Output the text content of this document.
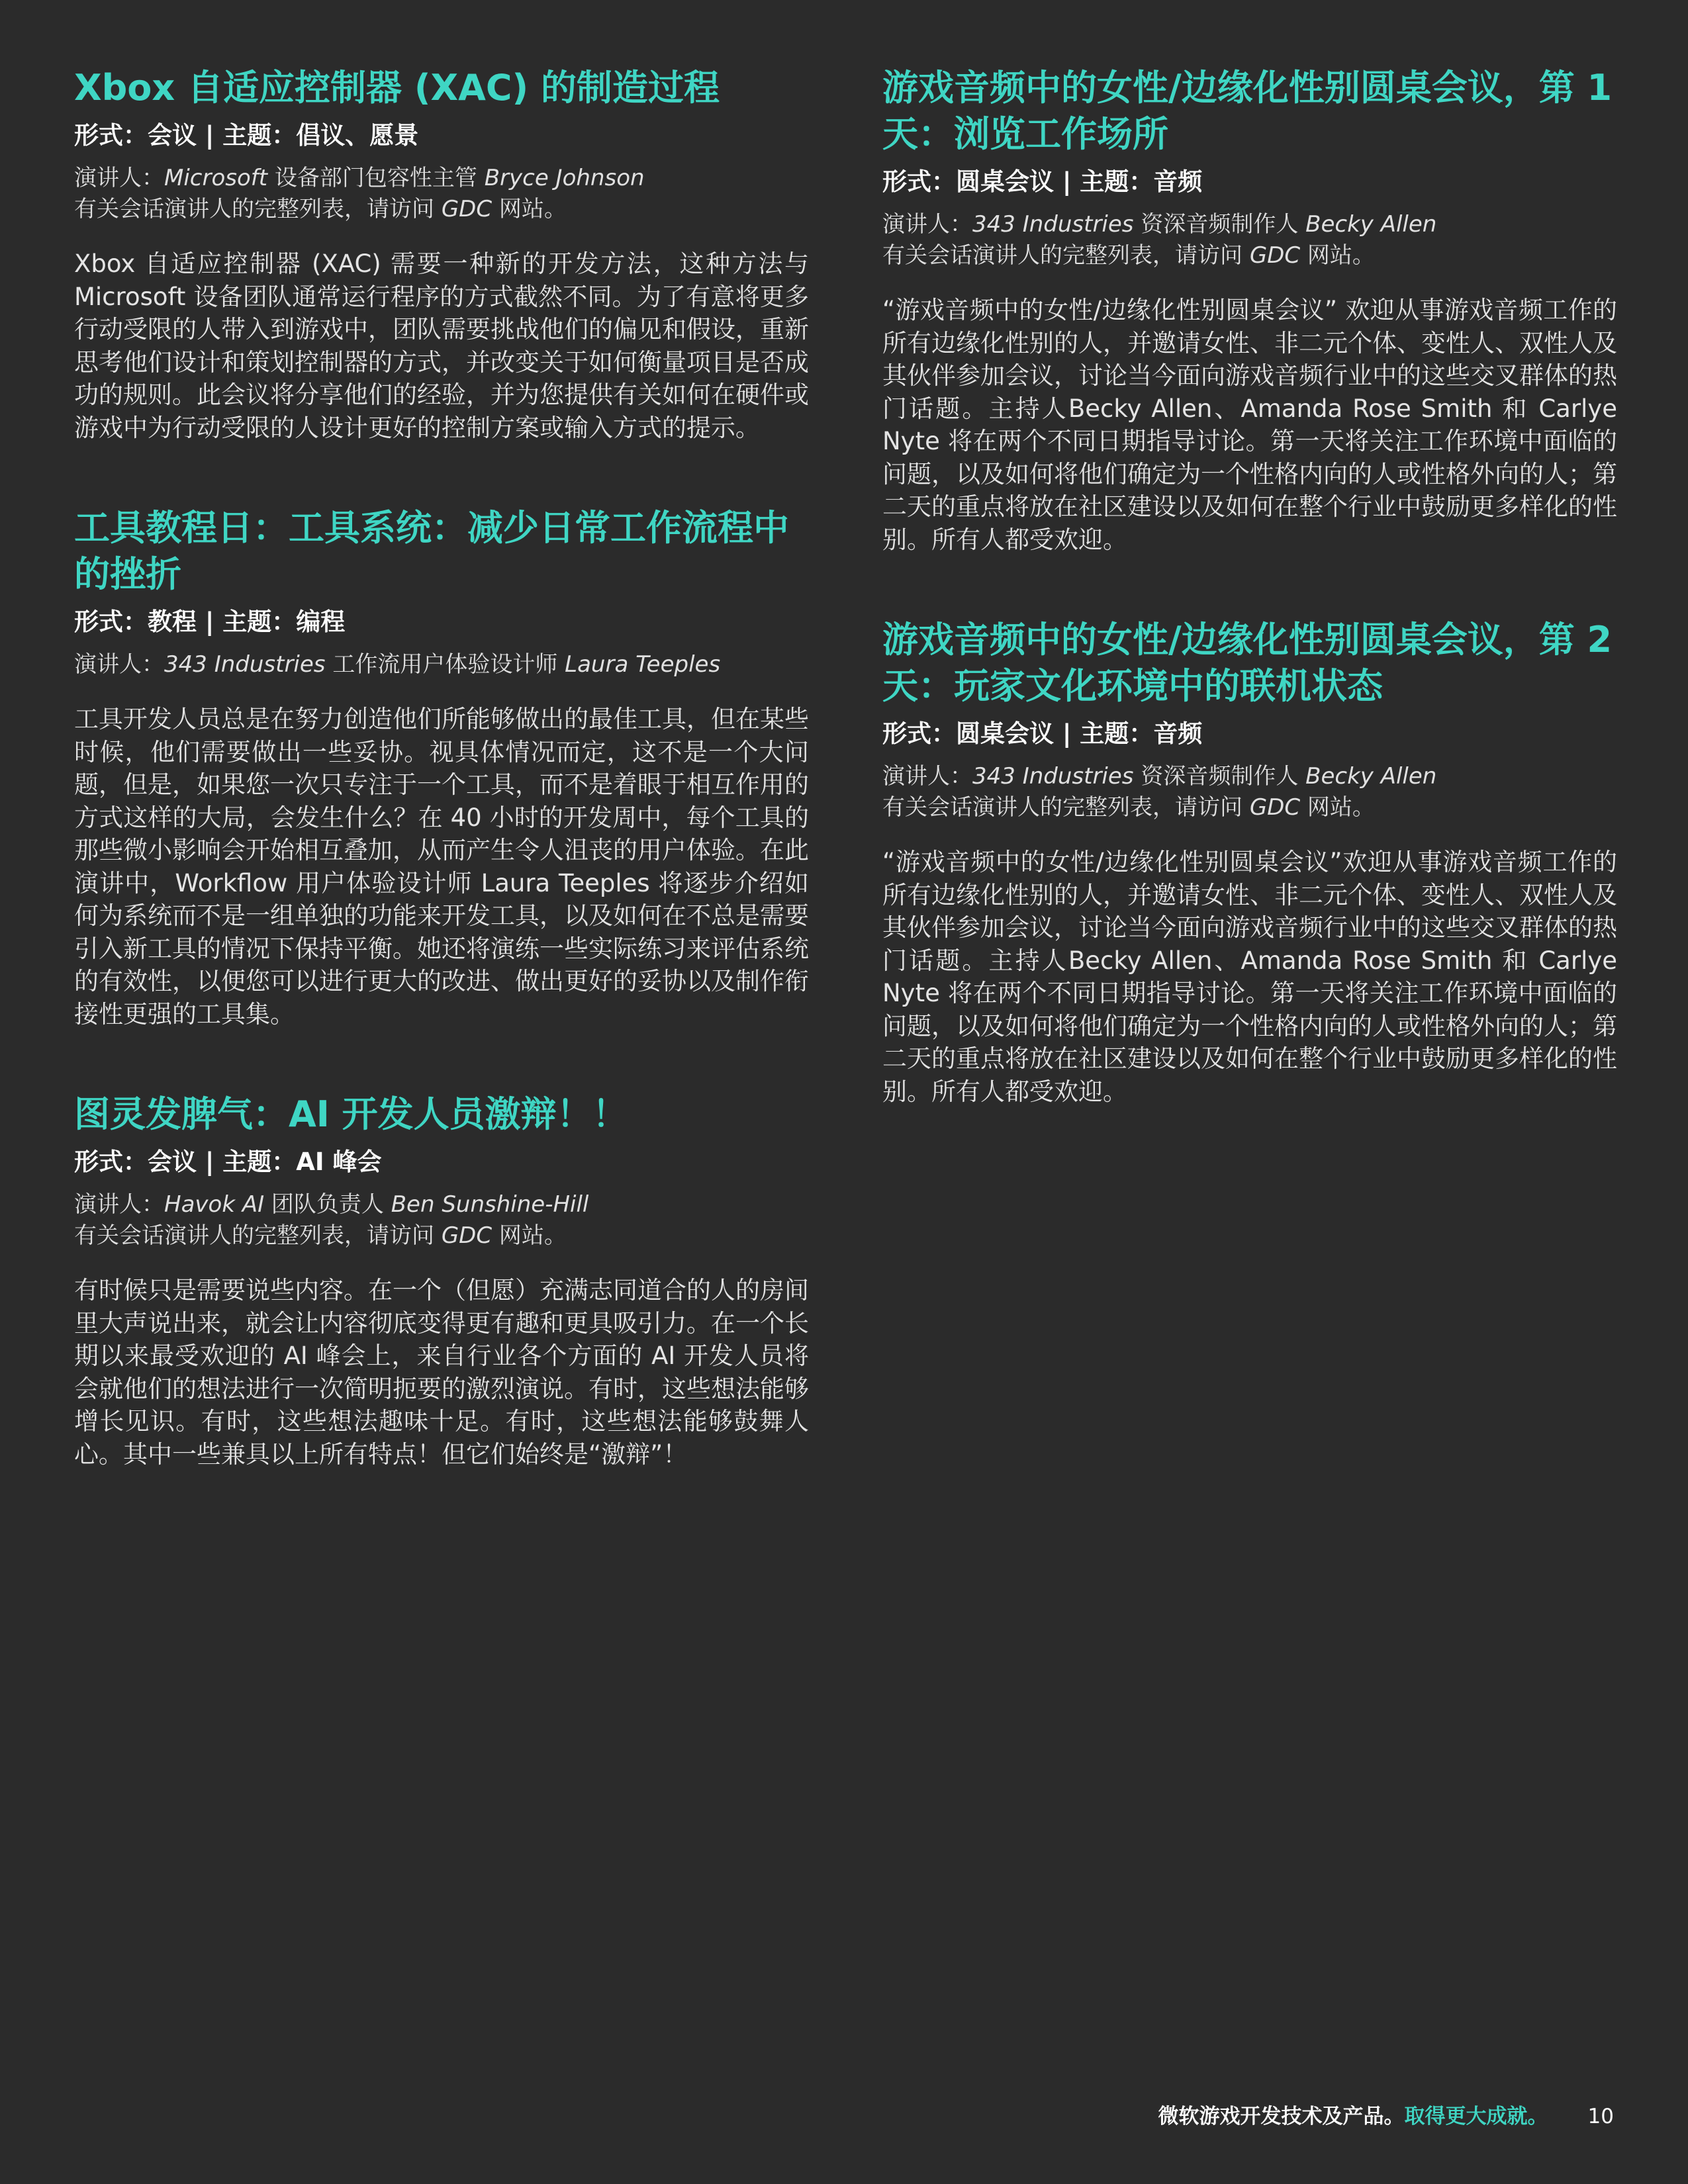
Xbox 自适应控制器 (XAC) 的制造过程
形式：会议 | 主题：倡议、愿景
演讲人：Microsoft 设备部门包容性主管 Bryce Johnson
有关会话演讲人的完整列表，请访问 GDC 网站。

Xbox 自适应控制器 (XAC) 需要一种新的开发方法，这种方法与 Microsoft 设备团队通常运行程序的方式截然不同。为了有意将更多行动受限的人带入到游戏中，团队需要挑战他们的偏见和假设，重新思考他们设计和策划控制器的方式，并改变关于如何衡量项目是否成功的规则。此会议将分享他们的经验，并为您提供有关如何在硬件或游戏中为行动受限的人设计更好的控制方案或输入方式的提示。

工具教程日：工具系统：减少日常工作流程中的挫折
形式：教程 | 主题：编程
演讲人：343 Industries 工作流用户体验设计师 Laura Teeples

工具开发人员总是在努力创造他们所能够做出的最佳工具，但在某些时候，他们需要做出一些妥协。视具体情况而定，这不是一个大问题，但是，如果您一次只专注于一个工具，而不是着眼于相互作用的方式这样的大局，会发生什么？在 40 小时的开发周中，每个工具的那些微小影响会开始相互叠加，从而产生令人沮丧的用户体验。在此演讲中，Workflow 用户体验设计师 Laura Teeples 将逐步介绍如何为系统而不是一组单独的功能来开发工具，以及如何在不总是需要引入新工具的情况下保持平衡。她还将演练一些实际练习来评估系统的有效性，以便您可以进行更大的改进、做出更好的妥协以及制作衔接性更强的工具集。

图灵发脾气：AI 开发人员激辩！！
形式：会议 | 主题：AI 峰会
演讲人：Havok AI 团队负责人 Ben Sunshine-Hill
有关会话演讲人的完整列表，请访问 GDC 网站。

有时候只是需要说些内容。在一个（但愿）充满志同道合的人的房间里大声说出来，就会让内容彻底变得更有趣和更具吸引力。在一个长期以来最受欢迎的 AI 峰会上，来自行业各个方面的 AI 开发人员将会就他们的想法进行一次简明扼要的激烈演说。有时，这些想法能够增长见识。有时，这些想法趣味十足。有时，这些想法能够鼓舞人心。其中一些兼具以上所有特点！但它们始终是“激辩”！

游戏音频中的女性/边缘化性别圆桌会议，第 1 天：浏览工作场所
形式：圆桌会议 | 主题：音频
演讲人：343 Industries 资深音频制作人 Becky Allen
有关会话演讲人的完整列表，请访问 GDC 网站。

“游戏音频中的女性/边缘化性别圆桌会议” 欢迎从事游戏音频工作的所有边缘化性别的人，并邀请女性、非二元个体、变性人、双性人及其伙伴参加会议，讨论当今面向游戏音频行业中的这些交叉群体的热门话题。主持人Becky Allen、Amanda Rose Smith 和 Carlye Nyte 将在两个不同日期指导讨论。第一天将关注工作环境中面临的问题，以及如何将他们确定为一个性格内向的人或性格外向的人；第二天的重点将放在社区建设以及如何在整个行业中鼓励更多样化的性别。所有人都受欢迎。

游戏音频中的女性/边缘化性别圆桌会议，第 2 天：玩家文化环境中的联机状态
形式：圆桌会议 | 主题：音频
演讲人：343 Industries 资深音频制作人 Becky Allen
有关会话演讲人的完整列表，请访问 GDC 网站。

“游戏音频中的女性/边缘化性别圆桌会议”欢迎从事游戏音频工作的所有边缘化性别的人，并邀请女性、非二元个体、变性人、双性人及其伙伴参加会议，讨论当今面向游戏音频行业中的这些交叉群体的热门话题。主持人Becky Allen、Amanda Rose Smith 和 Carlye Nyte 将在两个不同日期指导讨论。第一天将关注工作环境中面临的问题，以及如何将他们确定为一个性格内向的人或性格外向的人；第二天的重点将放在社区建设以及如何在整个行业中鼓励更多样化的性别。所有人都受欢迎。

微软游戏开发技术及产品。取得更大成就。 10
